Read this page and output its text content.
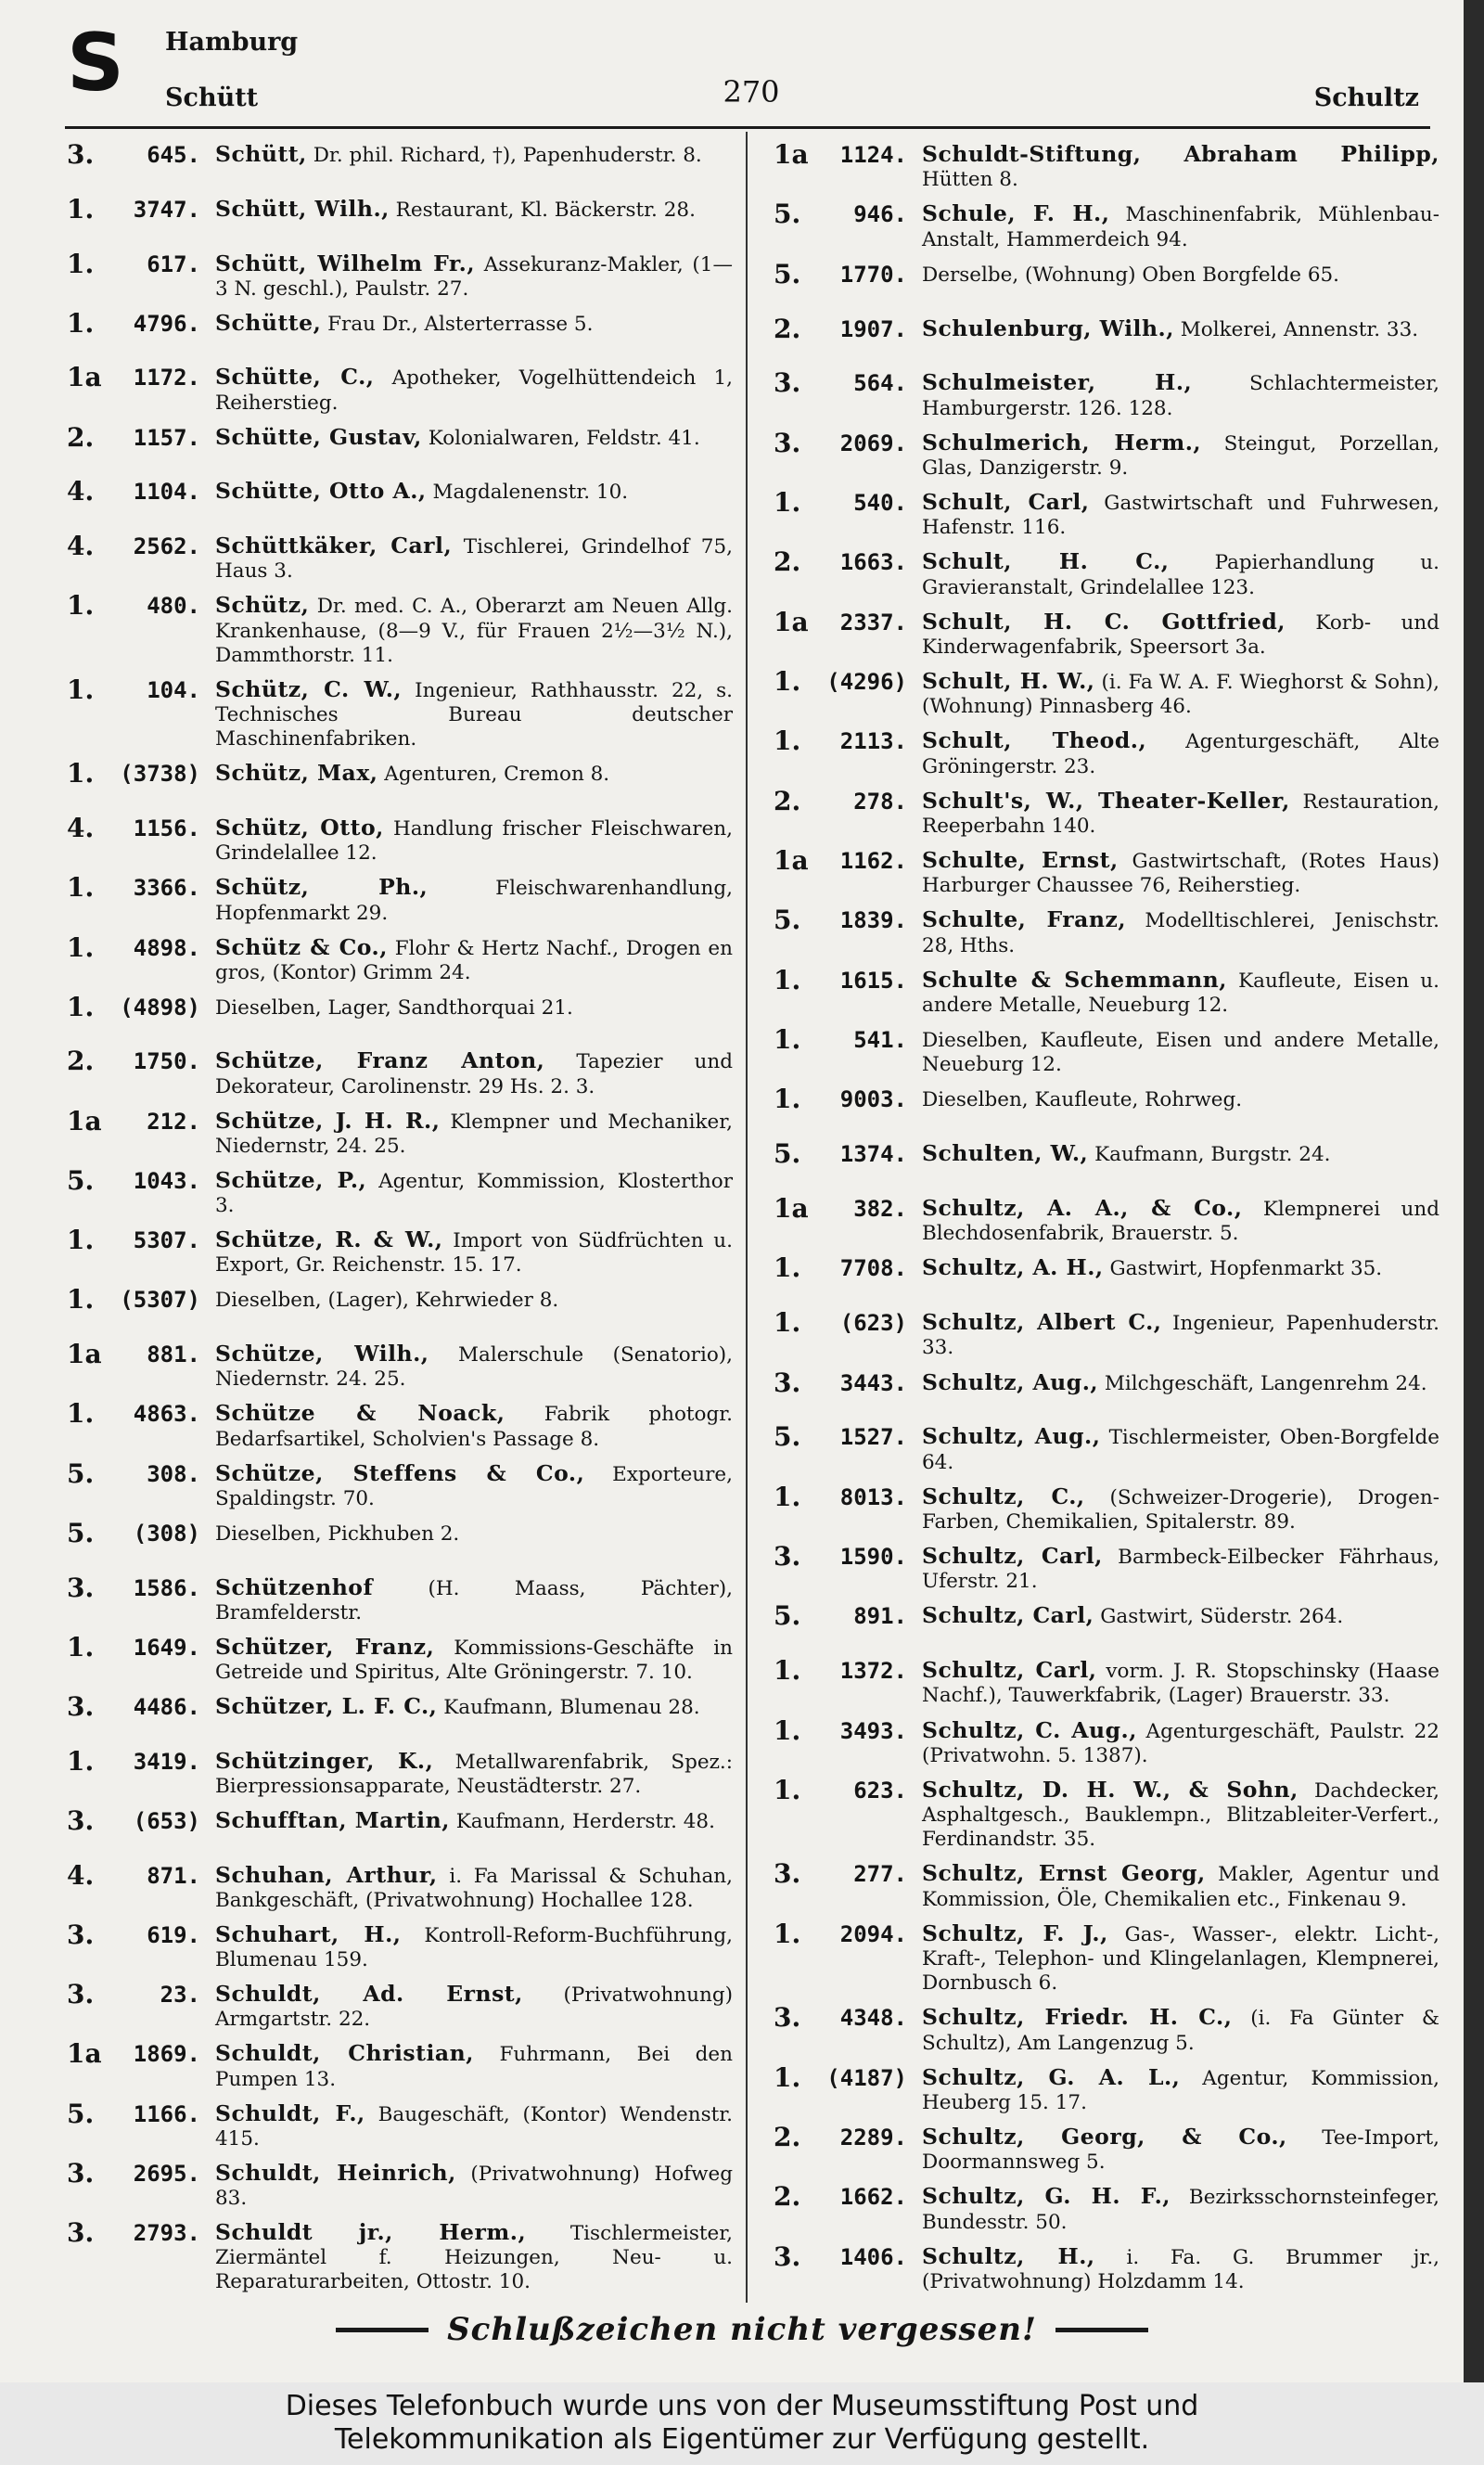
S Hamburg
Schütt	270	Schultz
3.	645. Schütt, Dr. phil. Richard, †), Papenhuderstr. 8.
1.	3747. Schütt, Wilh., Restaurant, Kl. Bäckerstr. 28.
1.	617. Schütt, Wilhelm Fr., Assekuranz-Makler, (1—3 N. geschl.), Paulstr. 27.
1.	4796. Schütte, Frau Dr., Alsterterrasse 5.
1a	1172. Schütte, C., Apotheker, Vogelhüttendeich 1, Reiherstieg.
2.	1157. Schütte, Gustav, Kolonialwaren, Feldstr. 41.
4.	1104. Schütte, Otto A., Magdalenenstr. 10.
4.	2562. Schüttkäker, Carl, Tischlerei, Grindelhof 75, Haus 3.
1.	480. Schütz, Dr. med. C. A., Oberarzt am Neuen Allg. Krankenhause, (8—9 V., für Frauen 2½—3½ N.), Dammthorstr. 11.
1.	104. Schütz, C. W., Ingenieur, Rathhausstr. 22, s. Technisches Bureau deutscher Maschinenfabriken.
1.	(3738) Schütz, Max, Agenturen, Cremon 8.
4.	1156. Schütz, Otto, Handlung frischer Fleischwaren, Grindelallee 12.
1.	3366. Schütz, Ph.,	Fleischwarenhandlung, Hopfenmarkt 29.
1.	4898. Schütz & Co., Flohr & Hertz Nachf., Drogen en gros, (Kontor) Grimm 24.
1.	(4898) Dieselben, Lager, Sandthorquai 21.
2.	1750. Schütze, Franz Anton, Tapezier und Dekorateur, Carolinenstr. 29 Hs. 2. 3.
1a	212. Schütze, J. H. R., Klempner und Mechaniker, Niedernstr, 24. 25.
5.	1043. Schütze, P., Agentur, Kommission, Klosterthor 3.
1.	5307. Schütze, R. & W., Import von Südfrüchten u. Export, Gr. Reichenstr. 15. 17.
1.	(5307) Dieselben, (Lager), Kehrwieder 8.
1a	881. Schütze, Wilh., Malerschule (Senatorio), Niedernstr. 24. 25.
1.	4863. Schütze & Noack, Fabrik photogr. Bedarfsartikel, Scholvien's Passage 8.
5.	308. Schütze, Steffens & Co., Exporteure, Spaldingstr. 70.
5.	(308) Dieselben, Pickhuben 2.
3.	1586. Schützenhof	(H. Maass, Pächter), Bramfelderstr.
1.	1649. Schützer, Franz, Kommissions-Geschäfte in Getreide und Spiritus, Alte Gröningerstr. 7. 10.
3.	4486. Schützer, L. F. C., Kaufmann, Blumenau 28.
1.	3419. Schützinger, K., Metallwarenfabrik, Spez.: Bierpressionsapparate, Neustädterstr. 27.
3.	(653) Schufftan, Martin, Kaufmann, Herderstr. 48.
4.	871. Schuhan, Arthur, i. Fa Marissal & Schuhan, Bankgeschäft, (Privatwohnung) Hochallee 128.
3.	619. Schuhart, H., Kontroll-Reform-Buchführung, Blumenau 159.
3.	23. Schuldt, Ad. Ernst, (Privatwohnung) Armgartstr. 22.
1a	1869. Schuldt, Christian, Fuhrmann, Bei den Pumpen 13.
5.	1166. Schuldt, F., Baugeschäft, (Kontor) Wendenstr. 415.
3.	2695. Schuldt, Heinrich, (Privatwohnung) Hofweg 83.
3.	2793. Schuldt jr., Herm., Tischlermeister, Ziermäntel f. Heizungen, Neu- u. Reparaturarbeiten, Ottostr. 10.
1a	1124. Schuldt-Stiftung, Abraham Philipp, Hütten 8.
5.	946. Schule, F. H., Maschinenfabrik, Mühlenbau-Anstalt, Hammerdeich 94.
5.	1770. Derselbe, (Wohnung) Oben Borgfelde 65.
2.	1907. Schulenburg, Wilh., Molkerei, Annenstr. 33.
3.	564. Schulmeister, H.,	Schlachtermeister, Hamburgerstr. 126. 128.
3.	2069. Schulmerich, Herm., Steingut, Porzellan, Glas, Danzigerstr. 9.
1.	540. Schult, Carl, Gastwirtschaft und Fuhrwesen, Hafenstr. 116.
2.	1663. Schult, H. C., Papierhandlung u. Gravieranstalt, Grindelallee 123.
1a	2337. Schult, H. C. Gottfried, Korb- und Kinderwagenfabrik, Speersort 3a.
1.	(4296) Schult, H. W., (i. Fa W. A. F. Wieghorst & Sohn), (Wohnung) Pinnasberg 46.
1.	2113. Schult, Theod., Agenturgeschäft, Alte Gröningerstr. 23.
2.	278. Schult's, W., Theater-Keller, Restauration, Reeperbahn 140.
1a	1162. Schulte, Ernst, Gastwirtschaft, (Rotes Haus) Harburger Chaussee 76, Reiherstieg.
5.	1839. Schulte, Franz, Modelltischlerei, Jenischstr. 28, Hths.
1.	1615. Schulte & Schemmann, Kaufleute, Eisen u. andere Metalle, Neueburg 12.
1.	541. Dieselben, Kaufleute, Eisen und andere Metalle, Neueburg 12.
1.	9003. Dieselben, Kaufleute, Rohrweg.
5.	1374. Schulten, W., Kaufmann, Burgstr. 24.
1a	382. Schultz, A. A., & Co., Klempnerei und Blechdosenfabrik, Brauerstr. 5.
1.	7708. Schultz, A. H., Gastwirt, Hopfenmarkt 35.
1.	(623) Schultz, Albert C., Ingenieur, Papenhuderstr. 33.
3.	3443. Schultz, Aug., Milchgeschäft, Langenrehm 24.
5.	1527. Schultz, Aug., Tischlermeister, Oben-Borgfelde 64.
1.	8013. Schultz, C., (Schweizer-Drogerie), Drogen-Farben, Chemikalien, Spitalerstr. 89.
3.	1590. Schultz, Carl, Barmbeck-Eilbecker Fährhaus, Uferstr. 21.
5.	891. Schultz, Carl, Gastwirt, Süderstr. 264.
1.	1372. Schultz, Carl, vorm. J. R. Stopschinsky (Haase Nachf.), Tauwerkfabrik, (Lager) Brauerstr. 33.
1.	3493. Schultz, C. Aug., Agenturgeschäft, Paulstr. 22 (Privatwohn. 5. 1387).
1.	623. Schultz, D. H. W., & Sohn, Dachdecker, Asphaltgesch., Bauklempn., Blitzableiter-Verfert., Ferdinandstr. 35.
3.	277. Schultz, Ernst Georg, Makler, Agentur und Kommission, Öle, Chemikalien etc., Finkenau 9.
1.	2094. Schultz, F. J., Gas-, Wasser-, elektr. Licht-, Kraft-, Telephon- und Klingelanlagen, Klempnerei, Dornbusch 6.
3.	4348. Schultz, Friedr. H. C., (i. Fa Günter & Schultz), Am Langenzug 5.
1.	(4187) Schultz, G. A. L., Agentur, Kommission, Heuberg 15. 17.
2.	2289. Schultz, Georg, & Co., Tee-Import, Doormannsweg 5.
2.	1662. Schultz, G. H. F., Bezirksschornsteinfeger, Bundesstr. 50.
3.	1406. Schultz, H., i. Fa. G. Brummer jr., (Privatwohnung) Holzdamm 14.
Schlußzeichen nicht vergessen!
Dieses Telefonbuch wurde uns von der Museumsstiftung Post und
Telekommunikation als Eigentümer zur Verfügung gestellt.
